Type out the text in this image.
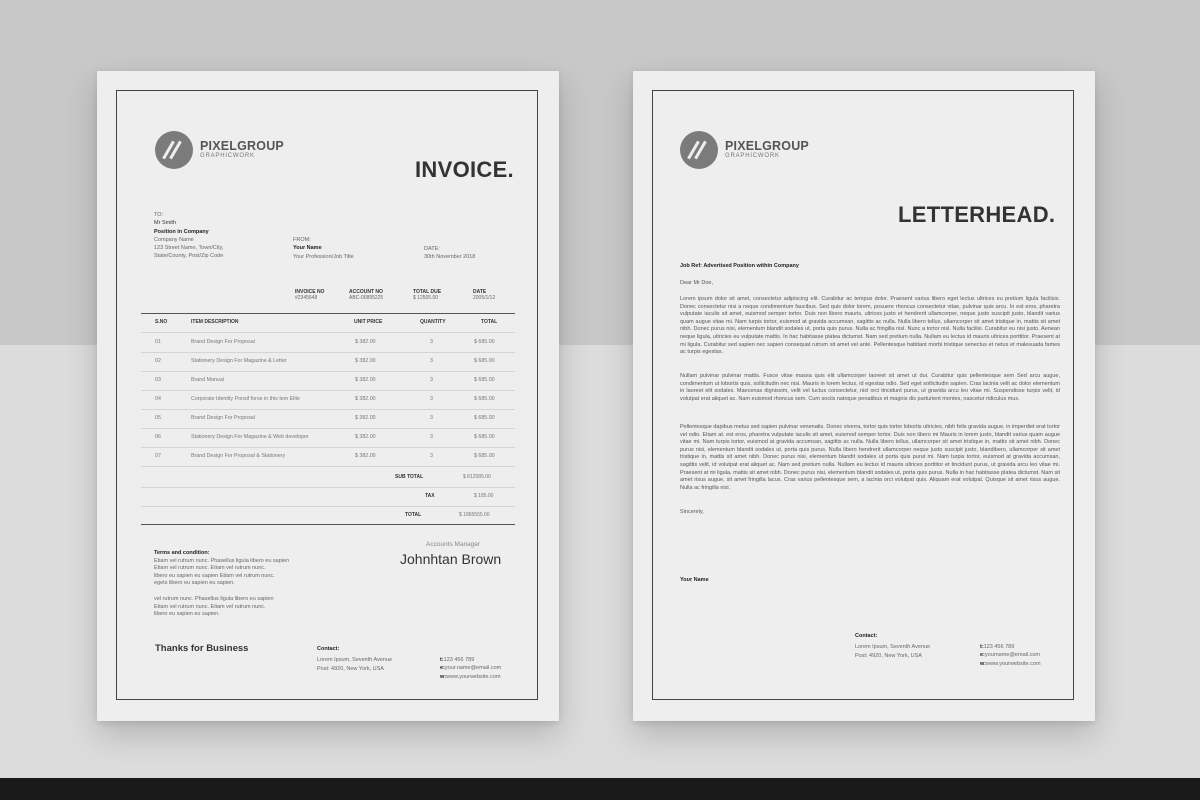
PIXELGROUP
GRAPHICWORK
INVOICE.
TO:
Mr Smith
Position in Company
Company Name
123 Street Name, Town/City,
State/County, Post/Zip Code
FROM:
Your Name
Your Profession/Job Title
DATE:
30th November 2018
INVOICE NO
#2345648
ACCOUNT NO
ABC-00895225
TOTAL DUE
$ 12505.00
DATE
2005/1/12
S.NO	ITEM DESCRIPTION	UNIT PRICE	QUANTITY	TOTAL
01	Brand Design For Proposal	$ 382.00	3	$ 685.00
02	Stationery Design For Magazine & Letter	$ 382.00	3	$ 685.00
03	Brand Manual	$ 382.00	3	$ 685.00
04	Corporate Identity Ponsif forse in this tem Elite	$ 382.00	3	$ 685.00
05	Brand Design For Proposal	$ 382.00	3	$ 685.00
06	Stationery Design For Magazine & Web developer	$ 382.00	3	$ 685.00
07	Brand Design For Proposal & Stationery	$ 382.00	3	$ 685.00
SUB TOTAL	$ 812585.00
TAX	$ 185.00
TOTAL	$ 1865555.00
Terms and condition:
Etiam vel rutrum nunc. Phasellus ligula libero eu sapien
Etiam vel rutrum nunc. Etiam vel rutrum nunc.
libero eu sapien eu sapien Etiam vel rutrum nunc.
egets libero eu sapien eu sapien.
vel rutrum nunc. Phasellus ligula libero eu sapien
Etiam vel rutrum nunc. Etiam vel rutrum nunc.
libero eu sapien eu sapien.
Accounts Manager
Johnhtan Brown
Thanks for Business	Contact:
Lorem Ipsum, Seventh Avenue
Post: 4920, New York, USA
t:123 456 789
e:your.name@email.com
w:www.yourwebsite.com
PIXELGROUP
GRAPHICWORK
LETTERHEAD.
Job Ref: Advertised Position within Company
Dear Mr Doe,

Lorem ipsum dolor sit amet, consectetur adipiscing elit. Curabitur ac tempus dolor. Praesent varius libero eget lectus ultrices eu pretium ligula facilisis. Donec consectetur nisi a neque condimentum faucibus. Sed quis dolor lorem, posuere rhoncus consectetur vitae, pulvinar quis arcu. In est eros, pharetra vulputate iaculis sit amet, euismod semper tortor. Duis non libero mauris, ultrices justo et hendrerit ullamcorper, neque justo suscipit justo, blandit varius quam augue vitae mi. Nam turpis tortor, euismod at gravida accumsan, sagittis ac nulla. Nulla libero tellus, ullamcorper sit amet tristique in, mattis sit amet nibh. Donec purus nisi, elementum blandit sodales ut, porta quis purus. Nulla ac fringilla nisl. Nunc a tortor nisl. Nulla facilisi. Curabitur eu nisi justo. Aenean neque ligula, ultricies eu vulputate mattis. In hac habitasse platea dictumst. Nam sed pretium nulla. Nullam eu lectus id mauris ultrices porttitor. Praesent at mi ligula. Curabitur sed sapien nec sapien consequat rutrum sit amet vel ante. Pellentesque habitant morbi tristique senectus et netus et malesuada fames ac turpis egestas.

Nullam pulvinar pulvinar mattis. Fusce vitae massa quis elit ullamcorper laoreet sit amet ut dui. Curabitur quis pellentesque sem Sed arcu augue, condimentum ut lobortis quis, sollicitudin nec nisi. Mauris in lorem lectus, id egestas odio. Sed eget sollicitudin sapien. Cras lacinia velit ac dolor elementum in laoreet elit sodales. Maecenas dignissim, velit vel luctus consectetur, nisl orci tincidunt purus, ut gravida arcu leo vitae mi. Suspendisse turpis velit, id volutpat erat aliquet ac. Nam euismod rhoncus sem. Cum sociis natoque penatibus et magnis dis parturient montes, nascetur ridiculus mus.

Pellentesque dapibus metus sed sapien pulvinar venenatis. Donec viverra, tortor quis tortor lobortis ultricies, nibh felis gravida augue, in imperdiet erat tortor vel odio. Etiam at. est eros, pharetra vulputate iaculis sit amet, euismod semper tortor. Duis non libero mi Mauris in lorem justo, blandit varius quam augue vitae mi. Nam turpis tortor, euismod at gravida accumsan, sagittis ac nulla. Nulla libero tellus, ullamcorper sit amet tristique in, mattis sit amet nibh. Donec purus nisi, elementum blandit sodales ut, porta quis purus. Nulla libero hendrerit ullamcorper neque justo suscipit justo, blandibero, ullamcorper sit amet tristique in, mattis sit amet nibh. Donec purus nisi, elementum blandit sodales ut porta quis purut mi. Nam turpis tortor, euismod at gravida accumsan, sagittis velit, id volutpat erat aliquet ac. Nam sed pretium nulla. Nullam eu lectus id mauris ultrices porttitor et tincidunt purus, ut gravida arcu leo vitae mi. Praesent at mi ligula. mattis sit amet nibh. Donec purus nisi, elementum blandit sodales ut, porta quis purus. Nulla in hac habitasse platea dictumst. Nam sit amet risus augue, sit amet fringilla lacus. Cras varius pellentesque sem, a lacinia orci volutpat quis. Aliquam erat volutpat. Quisque sit amet risus augue. Nulla ac fringilla nisl.

Sincerely,
Your Name
Contact:
Lorem Ipsum, Seventh Avenue
Post: 4920, New York, USA
t:123 456 789
e:yourname@email.com
w:www.yourwebsite.com
